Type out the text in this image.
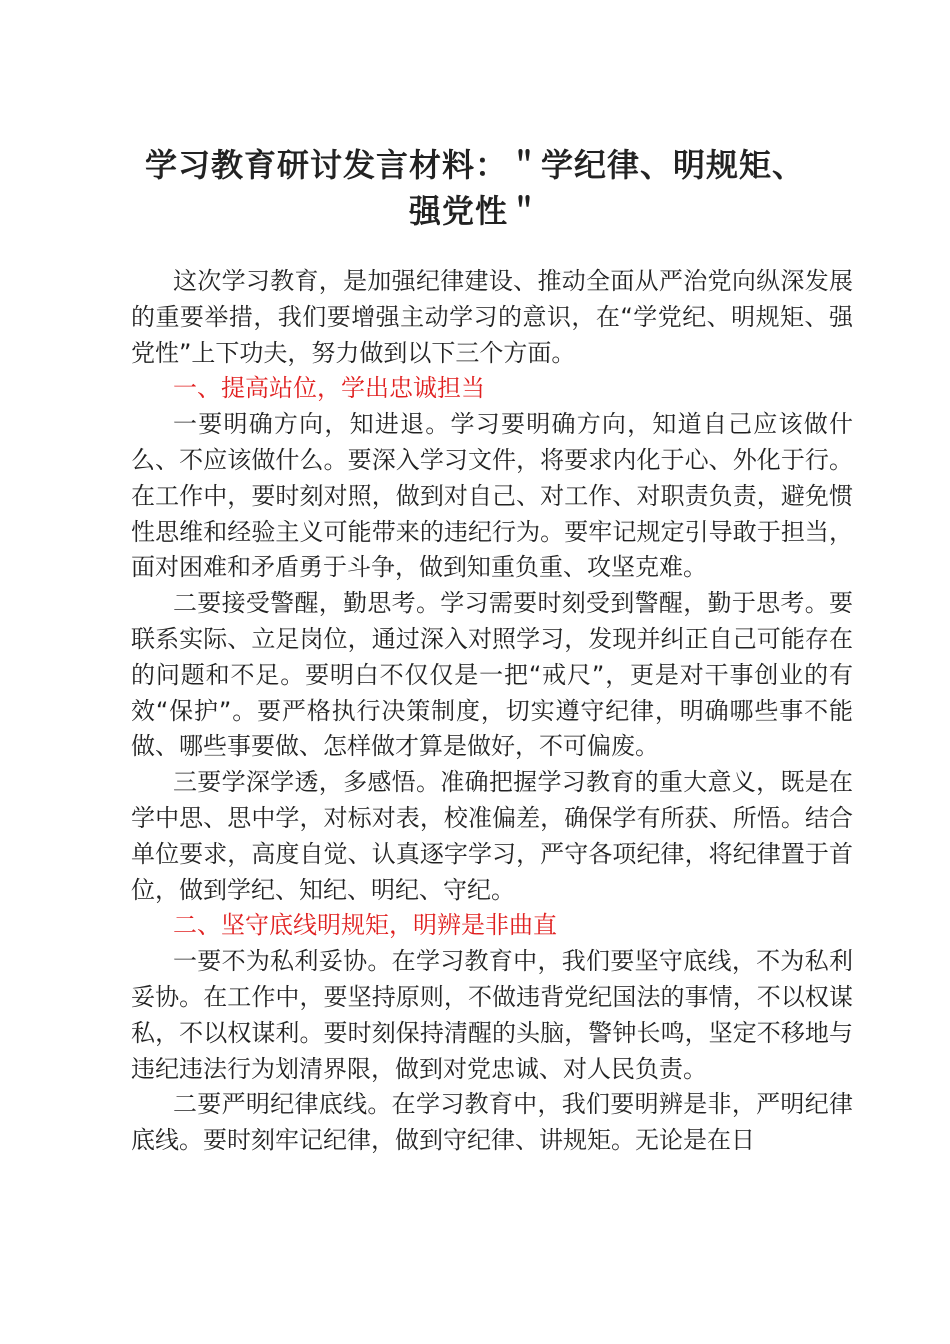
学习教育研讨发言材料：＂学纪律、明规矩、
强党性＂

这次学习教育，是加强纪律建设、推动全面从严治党向纵深发展的重要举措，我们要增强主动学习的意识，在“学党纪、明规矩、强党性”上下功夫，努力做到以下三个方面。

一、提高站位，学出忠诚担当

一要明确方向，知进退。学习要明确方向，知道自己应该做什么、不应该做什么。要深入学习文件，将要求内化于心、外化于行。在工作中，要时刻对照，做到对自己、对工作、对职责负责，避免惯性思维和经验主义可能带来的违纪行为。要牢记规定引导敢于担当，面对困难和矛盾勇于斗争，做到知重负重、攻坚克难。

二要接受警醒，勤思考。学习需要时刻受到警醒，勤于思考。要联系实际、立足岗位，通过深入对照学习，发现并纠正自己可能存在的问题和不足。要明白不仅仅是一把“戒尺”，更是对干事创业的有效“保护”。要严格执行决策制度，切实遵守纪律，明确哪些事不能做、哪些事要做、怎样做才算是做好，不可偏废。

三要学深学透，多感悟。准确把握学习教育的重大意义，既是在学中思、思中学，对标对表，校准偏差，确保学有所获、所悟。结合单位要求，高度自觉、认真逐字学习，严守各项纪律，将纪律置于首位，做到学纪、知纪、明纪、守纪。

二、坚守底线明规矩，明辨是非曲直

一要不为私利妥协。在学习教育中，我们要坚守底线，不为私利妥协。在工作中，要坚持原则，不做违背党纪国法的事情，不以权谋私，不以权谋利。要时刻保持清醒的头脑，警钟长鸣，坚定不移地与违纪违法行为划清界限，做到对党忠诚、对人民负责。

二要严明纪律底线。在学习教育中，我们要明辨是非，严明纪律底线。要时刻牢记纪律，做到守纪律、讲规矩。无论是在日
